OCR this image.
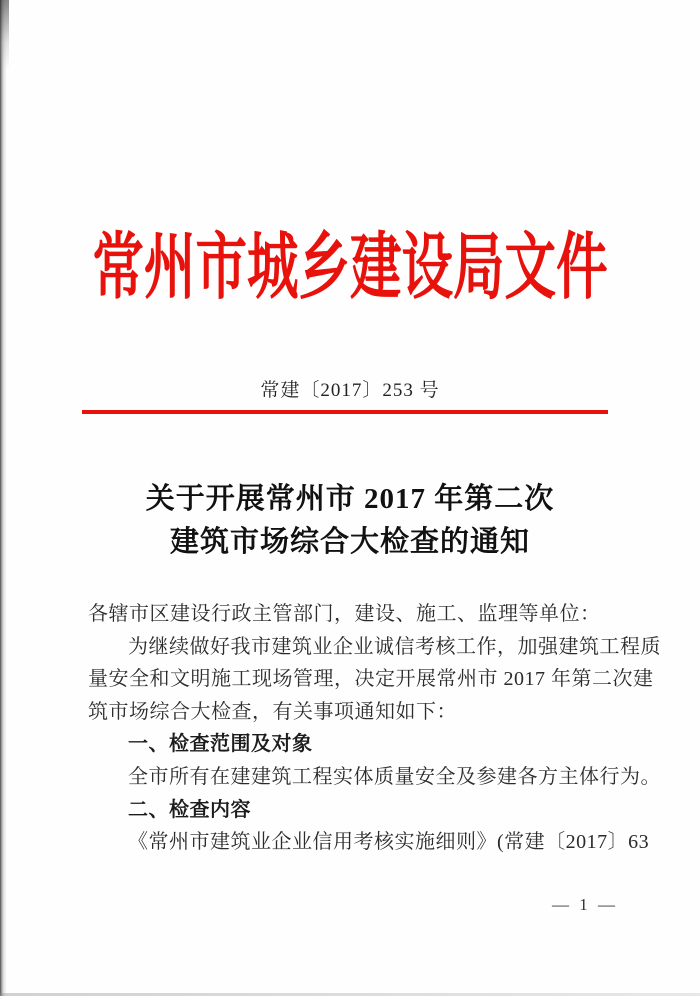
常州市城乡建设局文件
常建〔2017〕253 号
关于开展常州市 2017 年第二次
建筑市场综合大检查的通知

各辖市区建设行政主管部门，建设、施工、监理等单位：

为继续做好我市建筑业企业诚信考核工作，加强建筑工程质

量安全和文明施工现场管理，决定开展常州市 2017 年第二次建

筑市场综合大检查，有关事项通知如下：

一、检查范围及对象

全市所有在建建筑工程实体质量安全及参建各方主体行为。

二、检查内容

《常州市建筑业企业信用考核实施细则》(常建〔2017〕63

— 1 —
